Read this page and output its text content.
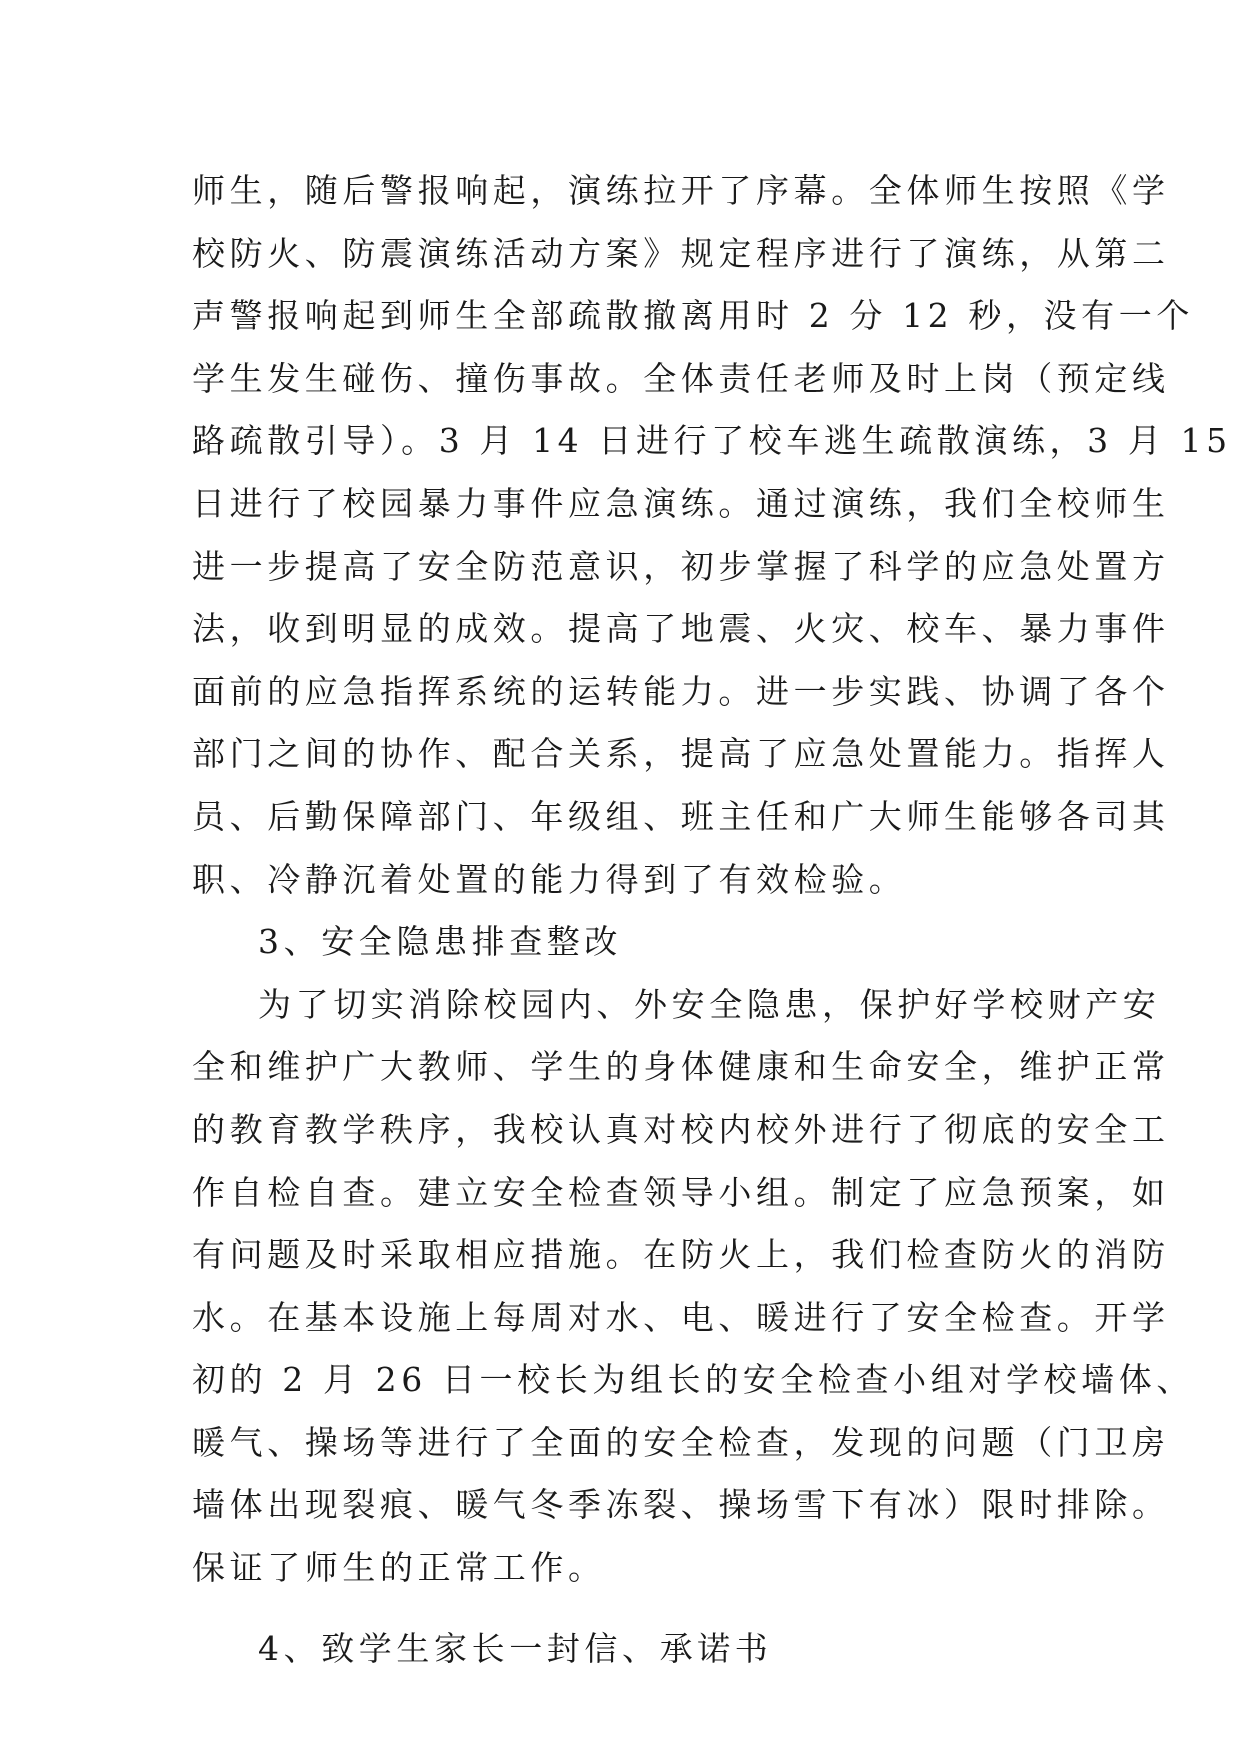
师生，随后警报响起，演练拉开了序幕。全体师生按照《学
校防火、防震演练活动方案》规定程序进行了演练，从第二
声警报响起到师生全部疏散撤离用时 2 分 12 秒，没有一个
学生发生碰伤、撞伤事故。全体责任老师及时上岗（预定线
路疏散引导）。3 月 14 日进行了校车逃生疏散演练，3 月 15
日进行了校园暴力事件应急演练。通过演练，我们全校师生
进一步提高了安全防范意识，初步掌握了科学的应急处置方
法，收到明显的成效。提高了地震、火灾、校车、暴力事件
面前的应急指挥系统的运转能力。进一步实践、协调了各个
部门之间的协作、配合关系，提高了应急处置能力。指挥人
员、后勤保障部门、年级组、班主任和广大师生能够各司其
职、冷静沉着处置的能力得到了有效检验。
3、安全隐患排查整改
为了切实消除校园内、外安全隐患，保护好学校财产安
全和维护广大教师、学生的身体健康和生命安全，维护正常
的教育教学秩序，我校认真对校内校外进行了彻底的安全工
作自检自查。建立安全检查领导小组。制定了应急预案，如
有问题及时采取相应措施。在防火上，我们检查防火的消防
水。在基本设施上每周对水、电、暖进行了安全检查。开学
初的 2 月 26 日一校长为组长的安全检查小组对学校墙体、
暖气、操场等进行了全面的安全检查，发现的问题（门卫房
墙体出现裂痕、暖气冬季冻裂、操场雪下有冰）限时排除。
保证了师生的正常工作。
4、致学生家长一封信、承诺书
